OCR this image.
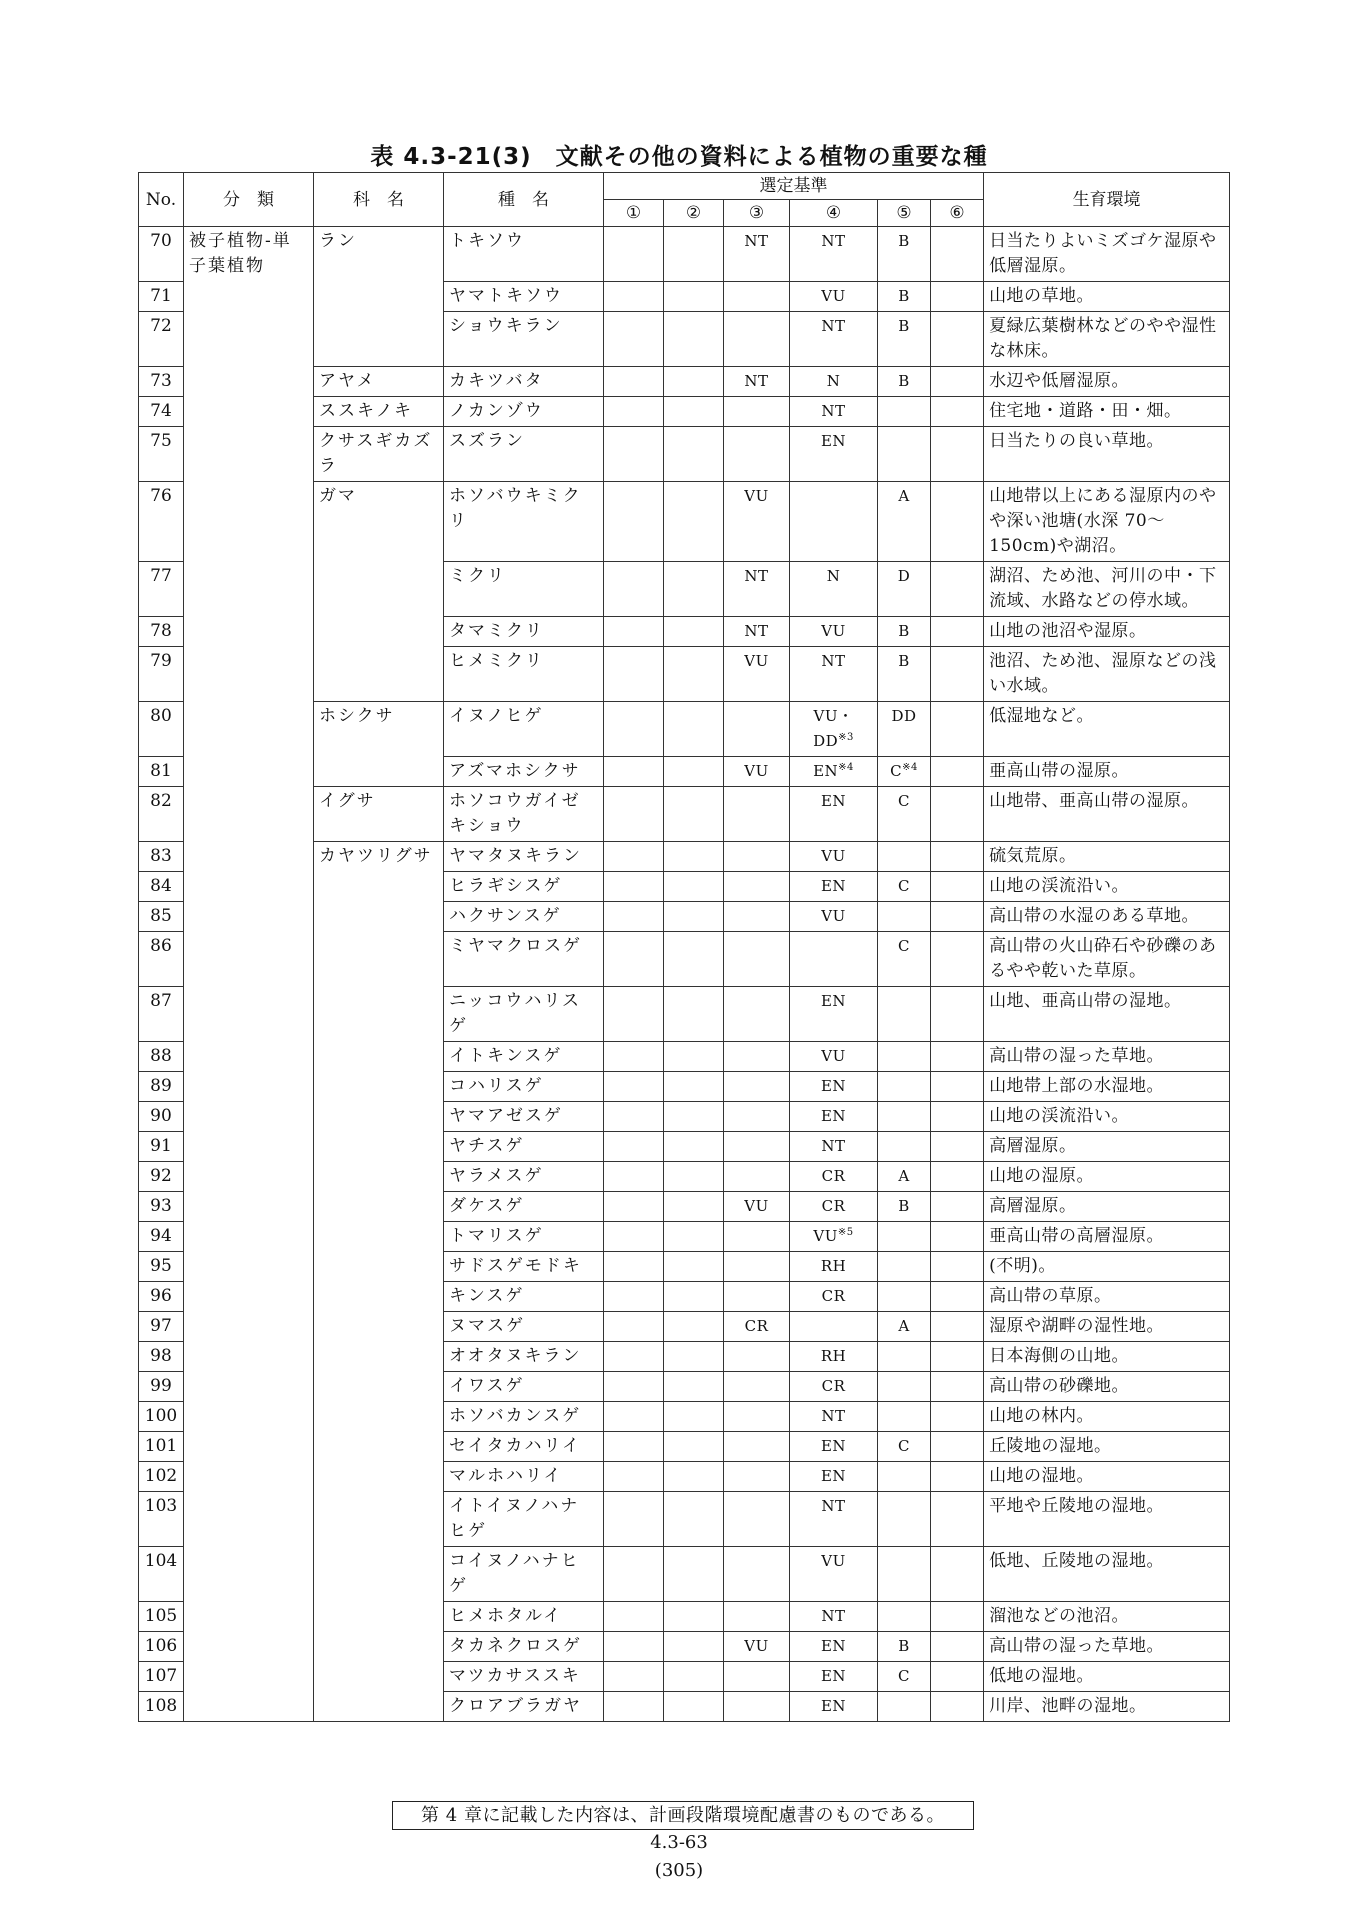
表 4.3-21(3)　文献その他の資料による植物の重要な種
No.	分　類	科　名	種　名	選定基準						生育環境
				①	②	③	④	⑤	⑥	
70	被子植物-単子葉植物	ラン	トキソウ			NT	NT	B		日当たりよいミズゴケ湿原や低層湿原。
71			ヤマトキソウ				VU	B		山地の草地。
72			ショウキラン				NT	B		夏緑広葉樹林などのやや湿性な林床。
73		アヤメ	カキツバタ			NT	N	B		水辺や低層湿原。
74		ススキノキ	ノカンゾウ				NT			住宅地・道路・田・畑。
75		クサスギカズラ	スズラン				EN			日当たりの良い草地。
76		ガマ	ホソバウキミクリ			VU		A		山地帯以上にある湿原内のやや深い池塘(水深 70～150cm)や湖沼。
77			ミクリ			NT	N	D		湖沼、ため池、河川の中・下流域、水路などの停水域。
78			タマミクリ			NT	VU	B		山地の池沼や湿原。
79			ヒメミクリ			VU	NT	B		池沼、ため池、湿原などの浅い水域。
80		ホシクサ	イヌノヒゲ				VU・DD$^{※3}$	DD		低湿地など。
81			アズマホシクサ			VU	EN$^{※4}$	$C^{※4}$		亜高山帯の湿原。
82		イグサ	ホソコウガイゼキショウ				EN	C		山地帯、亜高山帯の湿原。
83		カヤツリグサ	ヤマタヌキラン				VU			硫気荒原。
84			ヒラギシスゲ				EN	C		山地の渓流沿い。
85			ハクサンスゲ				VU			高山帯の水湿のある草地。
86			ミヤマクロスゲ					C		高山帯の火山砕石や砂礫のあるやや乾いた草原。
87			ニッコウハリスゲ				EN			山地、亜高山帯の湿地。
88			イトキンスゲ				VU			高山帯の湿った草地。
89			コハリスゲ				EN			山地帯上部の水湿地。
90			ヤマアゼスゲ				EN			山地の渓流沿い。
91			ヤチスゲ				NT			高層湿原。
92			ヤラメスゲ				CR	A		山地の湿原。
93			ダケスゲ			VU	CR	B		高層湿原。
94			トマリスゲ				VU$^{※5}$			亜高山帯の高層湿原。
95			サドスゲモドキ				RH			(不明)。
96			キンスゲ				CR			高山帯の草原。
97			ヌマスゲ			CR		A		湿原や湖畔の湿性地。
98			オオタヌキラン				RH			日本海側の山地。
99			イワスゲ				CR			高山帯の砂礫地。
100			ホソバカンスゲ				NT			山地の林内。
101			セイタカハリイ				EN	C		丘陵地の湿地。
102			マルホハリイ				EN			山地の湿地。
103			イトイヌノハナヒゲ				NT			平地や丘陵地の湿地。
104			コイヌノハナヒゲ				VU			低地、丘陵地の湿地。
105			ヒメホタルイ				NT			溜池などの池沼。
106			タカネクロスゲ			VU	EN	B		高山帯の湿った草地。
107			マツカサススキ				EN	C		低地の湿地。
108			クロアブラガヤ				EN			川岸、池畔の湿地。
第 4 章に記載した内容は、計画段階環境配慮書のものである。
4.3-63
(305)
